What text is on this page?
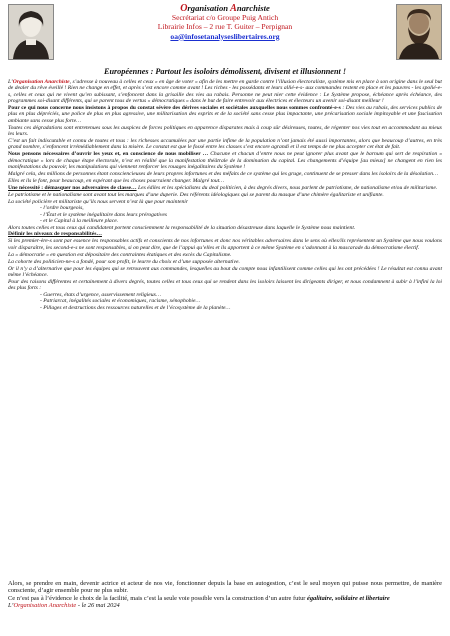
Organisation Anarchiste
Secrétariat c/o Groupe Puig Antich
Librairie Infos – 2 rue T. Guiter – Perpignan
oa@infosetanalyseslibertaires.org
Européennes : Partout les isoloirs démolissent, divisent et illusionnent !

L’Organisation Anarchiste, s’adresse à nouveau à celles et ceux « en âge de voter » afin de les mettre en garde contre l’illusion électoraliste, système mis en place à son origine dans le seul but de dealer du rêve éveillé ! Rien ne change en effet, et après s’est encore comme avant ! Les riches - les possédants et leurs allié-e-s- aux commandes restent en place et les pauvres - les spolié-e-s, celles et ceux qui ne vivent qu’en subissant, s’enfoncent dans la grisaille des vies au rabais. Personne ne peut nier cette évidence : Le Système propose, échéance après échéance, des programmes soi-disant différents, qui se parent tous de vertus « démocratiques » dans le but de faire entrevoir aux électrices et électeurs un avenir soi-disant meilleur !

Pour ce qui nous concerne nous insistons à propos du constat sévère des dérives sociales et sociétales auxquelles nous sommes confronté-e-s : Des vies au rabais, des services publics de plus en plus dépréciés, une police de plus en plus agressive, une militarisation des esprits et de la société sans cesse plus impactante, une précarisation sociale impitoyable et une fascisation ambiante sans cesse plus forte…

Toutes ces dégradations sont entretenues sous les auspices de forces politiques en apparence disparates mais à coup sûr désireuses, toutes, de régenter nos vies tout en accommodant au mieux les leurs.

C’est un fait indiscutable et connu de toutes et tous : les richesses accumulées par une partie infime de la population n’ont jamais été aussi importantes, alors que beaucoup d’autres, en très grand nombre, s’enfoncent irrémédiablement dans la misère. Le constat est que le fossé entre les classes s’est encore agrandi et il est temps de ne plus accepter cet état de fait.

Nous pensons nécessaires d’ouvrir les yeux et, en conscience de nous mobiliser … Chacune et chacun d’entre nous ne peut ignorer plus avant que le barnum qui sert de respiration « démocratique » lors de chaque étape électorale, n’est en réalité que la manifestation théâtrale de la domination du capital. Les changements d’équipe [au mieux] ne changent en rien les manifestations du pouvoir, les manipulations qui viennent renforcer les rouages inégalitaires du Système !

Malgré cela, des millions de personnes étant consciencieuses de leurs propres infortunes et des méfaits de ce système qui les gruge, continuent de se presser dans les isoloirs de la désolation…

Elles et ils le font, pour beaucoup, en espérant que les choses pourraient changer. Malgré tout…

Une nécessité : démasquer nos adversaires de classe… Les édiles et les spécialistes du deal politicien, à des degrés divers, nous parlent de patriotisme, de nationalisme et/ou de militarisme.

Le patriotisme et le nationalisme sont avant tout les marques d’une duperie. Des référents idéologiques qui se parent du masque d’une chimère égalitariste et unifiante.

La société policière et militariste qu’ils nous servent n’est là que pour maintenir

- l’ordre bourgeois,
- l’État et le système inégalitaire dans leurs prérogatives
- et le Capital à la meilleure place.

Alors toutes celles et tous ceux qui candidatent portent consciemment la responsabilité de la situation désastreuse dans laquelle le Système nous maintient.

Définir les niveaux de responsabilités…

Si les premier-ère-s sont par essence les responsables actifs et conscients de nos infortunes et donc nos véritables adversaires dans le sens où elles/ils représentent un Système que nous voulons voir disparaître, les second-e-s ne sont responsables, si on peut dire, que de l’appui qu’elles et ils apportent à ce même Système en s’adonnant à la mascarade du démocratisme électif.

La « démocratie » en question est dépositaire des contraintes étatiques et des excès du Capitalisme.

La cohorte des politicien-ne-s a fondé, pour son profit, le leurre du choix et d’une supposée alternative.

Or il n’y a d’alternative que pour les équipes qui se retrouvent aux commandes, lesquelles au bout du compte nous infantilisent comme celles qui les ont précédées ! Le résultat est connu avant même l’échéance.

Pour des raisons différentes et certainement à divers degrés, toutes celles et tous ceux qui se rendent dans les isoloirs laissent les dirigeants diriger, et nous condamnent à subir à l’infini la loi des plus forts :

- Guerres, états d’urgence, asservissement religieux…
- Patriarcat, inégalités sociales et économiques, racisme, xénophobie…
- Pillages et destructions des ressources naturelles et de l’écosystème de la planète…

Alors, se prendre en main, devenir actrice et acteur de nos vie, fonctionner depuis la base en autogestion, c’est le seul moyen qui puisse nous permettre, de manière consciente, d’agir ensemble pour ne plus subir.

Ce n’est pas à l’évidence le choix de la facilité, mais c’est la seule voie possible vers la construction d’un autre futur égalitaire, solidaire et libertaire

L’Organisation Anarchiste - le 26 mai 2024
